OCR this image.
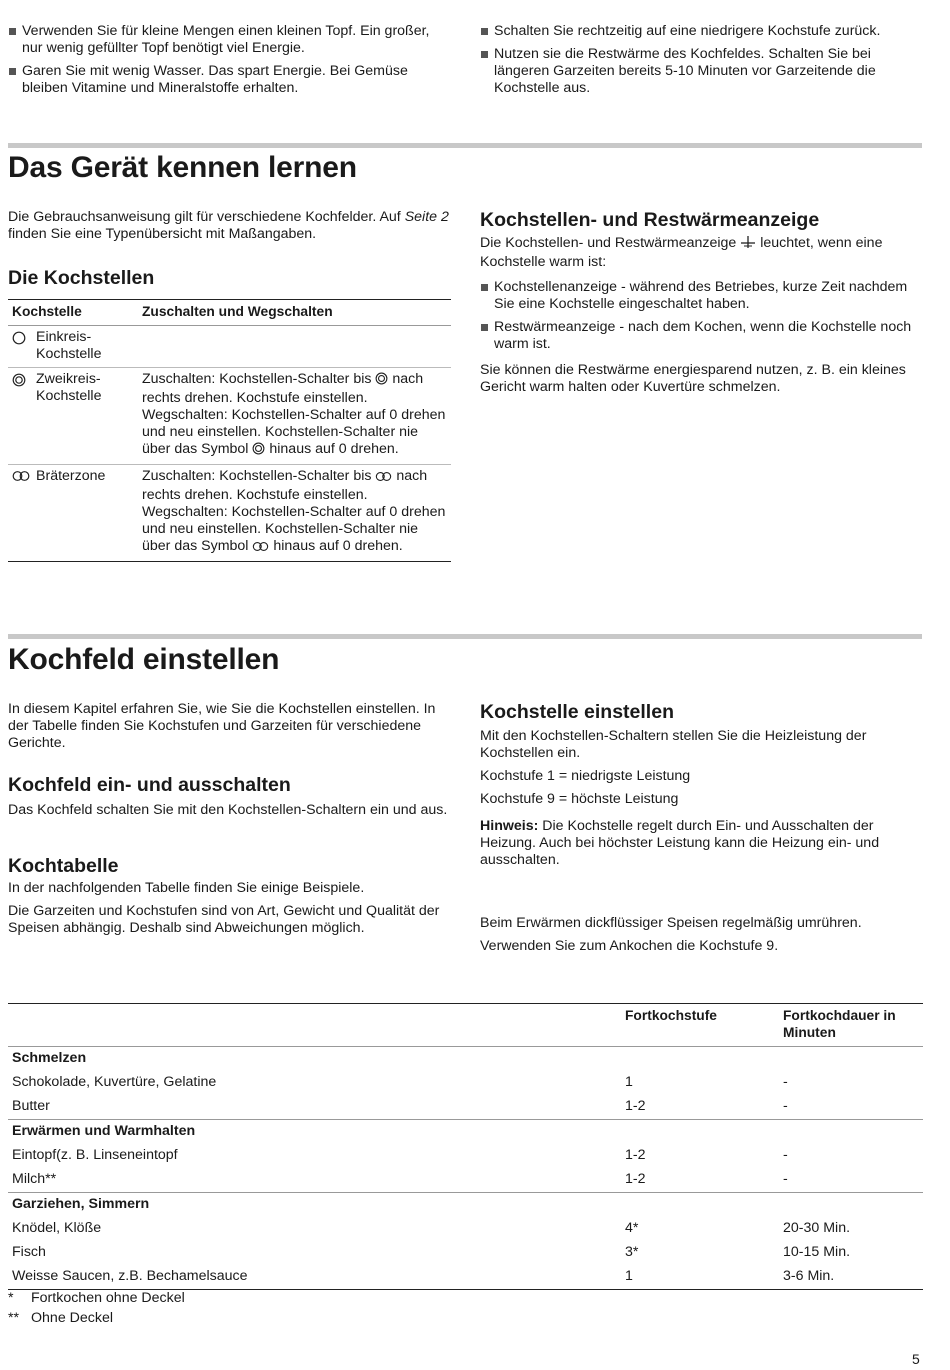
Verwenden Sie für kleine Mengen einen kleinen Topf. Ein großer, nur wenig gefüllter Topf benötigt viel Energie.
Garen Sie mit wenig Wasser. Das spart Energie. Bei Gemüse bleiben Vitamine und Mineralstoffe erhalten.
Schalten Sie rechtzeitig auf eine niedrigere Kochstufe zurück.
Nutzen sie die Restwärme des Kochfeldes. Schalten Sie bei längeren Garzeiten bereits 5-10 Minuten vor Garzeitende die Kochstelle aus.
Das Gerät kennen lernen

Die Gebrauchsanweisung gilt für verschiedene Kochfelder. Auf Seite 2 finden Sie eine Typenübersicht mit Maßangaben.

Die Kochstellen
Kochstelle	Zuschalten und Wegschalten

Einkreis-Kochstelle	

Zweikreis-Kochstelle	Zuschalten: Kochstellen-Schalter bis nach rechts drehen. Kochstufe einstellen. Wegschalten: Kochstellen-Schalter auf 0 drehen und neu einstellen. Kochstellen-Schalter nie über das Symbol hinaus auf 0 drehen.

Bräterzone	Zuschalten: Kochstellen-Schalter bis nach rechts drehen. Kochstufe einstellen. Wegschalten: Kochstellen-Schalter auf 0 drehen und neu einstellen. Kochstellen-Schalter nie über das Symbol hinaus auf 0 drehen.
Kochstellen- und Restwärmeanzeige

Die Kochstellen- und Restwärmeanzeige leuchtet, wenn eine Kochstelle warm ist:

Kochstellenanzeige - während des Betriebes, kurze Zeit nachdem Sie eine Kochstelle eingeschaltet haben.
Restwärmeanzeige - nach dem Kochen, wenn die Kochstelle noch warm ist.

Sie können die Restwärme energiesparend nutzen, z. B. ein kleines Gericht warm halten oder Kuvertüre schmelzen.

Kochfeld einstellen

In diesem Kapitel erfahren Sie, wie Sie die Kochstellen einstellen. In der Tabelle finden Sie Kochstufen und Garzeiten für verschiedene Gerichte.

Kochfeld ein- und ausschalten

Das Kochfeld schalten Sie mit den Kochstellen-Schaltern ein und aus.

Kochtabelle

In der nachfolgenden Tabelle finden Sie einige Beispiele.

Die Garzeiten und Kochstufen sind von Art, Gewicht und Qualität der Speisen abhängig. Deshalb sind Abweichungen möglich.

Kochstelle einstellen

Mit den Kochstellen-Schaltern stellen Sie die Heizleistung der Kochstellen ein.

Kochstufe 1 = niedrigste Leistung

Kochstufe 9 = höchste Leistung

Hinweis: Die Kochstelle regelt durch Ein- und Ausschalten der Heizung. Auch bei höchster Leistung kann die Heizung ein- und ausschalten.

Beim Erwärmen dickflüssiger Speisen regelmäßig umrühren.

Verwenden Sie zum Ankochen die Kochstufe 9.

	Fortkochstufe	Fortkochdauer in Minuten
Schmelzen		
Schokolade, Kuvertüre, Gelatine	1	-
Butter	1-2	-
Erwärmen und Warmhalten		
Eintopf(z. B. Linseneintopf	1-2	-
Milch**	1-2	-
Garziehen, Simmern		
Knödel, Klöße	4*	20-30 Min.
Fisch	3*	10-15 Min.
Weisse Saucen, z.B. Bechamelsauce	1	3-6 Min.
*	Fortkochen ohne Deckel
** Ohne Deckel
5
